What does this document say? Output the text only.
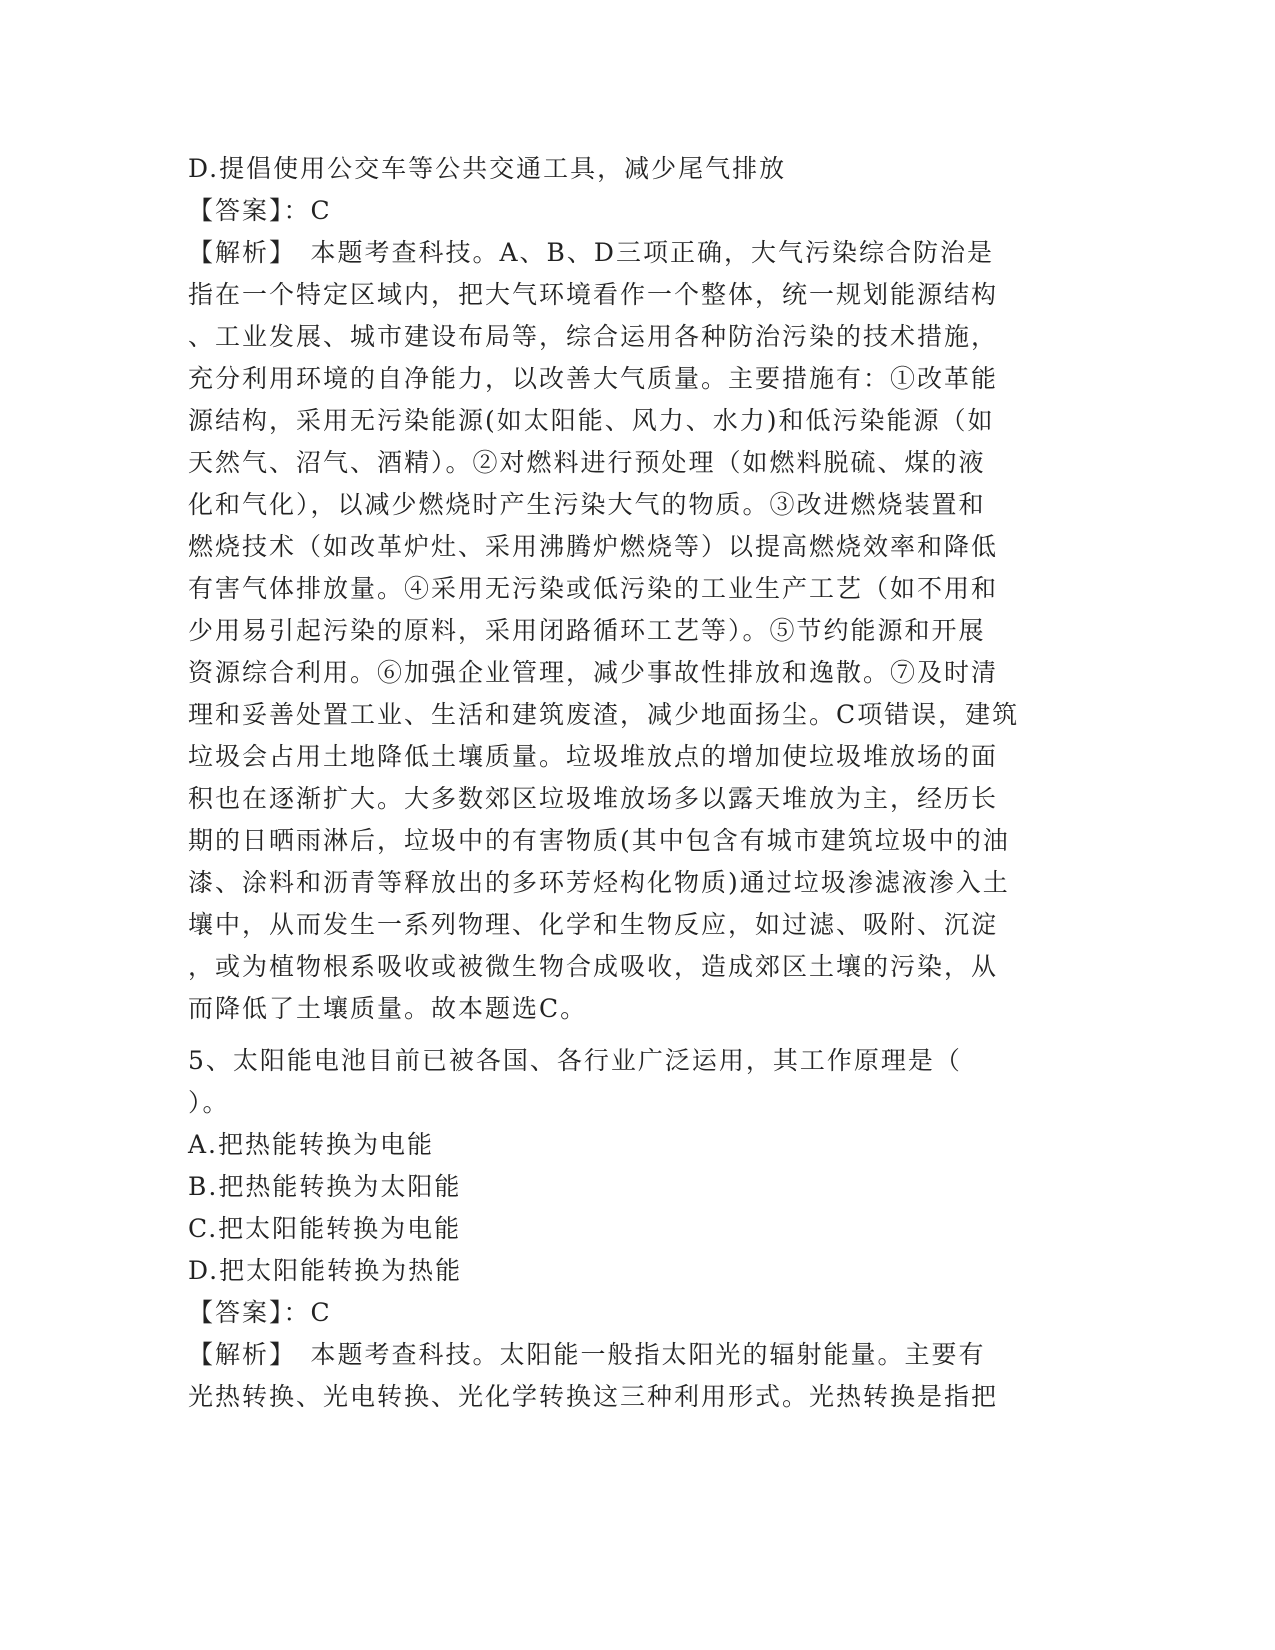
D.提倡使用公交车等公共交通工具，减少尾气排放
【答案】：C
【解析】　本题考查科技。A、B、D三项正确，大气污染综合防治是
指在一个特定区域内，把大气环境看作一个整体，统一规划能源结构
、工业发展、城市建设布局等，综合运用各种防治污染的技术措施，
充分利用环境的自净能力，以改善大气质量。主要措施有：①改革能
源结构，采用无污染能源(如太阳能、风力、水力)和低污染能源（如
天然气、沼气、酒精）。②对燃料进行预处理（如燃料脱硫、煤的液
化和气化），以减少燃烧时产生污染大气的物质。③改进燃烧装置和
燃烧技术（如改革炉灶、采用沸腾炉燃烧等）以提高燃烧效率和降低
有害气体排放量。④采用无污染或低污染的工业生产工艺（如不用和
少用易引起污染的原料，采用闭路循环工艺等）。⑤节约能源和开展
资源综合利用。⑥加强企业管理，减少事故性排放和逸散。⑦及时清
理和妥善处置工业、生活和建筑废渣，减少地面扬尘。C项错误，建筑
垃圾会占用土地降低土壤质量。垃圾堆放点的增加使垃圾堆放场的面
积也在逐渐扩大。大多数郊区垃圾堆放场多以露天堆放为主，经历长
期的日晒雨淋后，垃圾中的有害物质(其中包含有城市建筑垃圾中的油
漆、涂料和沥青等释放出的多环芳烃构化物质)通过垃圾渗滤液渗入土
壤中，从而发生一系列物理、化学和生物反应，如过滤、吸附、沉淀
，或为植物根系吸收或被微生物合成吸收，造成郊区土壤的污染，从
而降低了土壤质量。故本题选C。
5、太阳能电池目前已被各国、各行业广泛运用，其工作原理是（
）。
A.把热能转换为电能
B.把热能转换为太阳能
C.把太阳能转换为电能
D.把太阳能转换为热能
【答案】：C
【解析】　本题考查科技。太阳能一般指太阳光的辐射能量。主要有
光热转换、光电转换、光化学转换这三种利用形式。光热转换是指把
